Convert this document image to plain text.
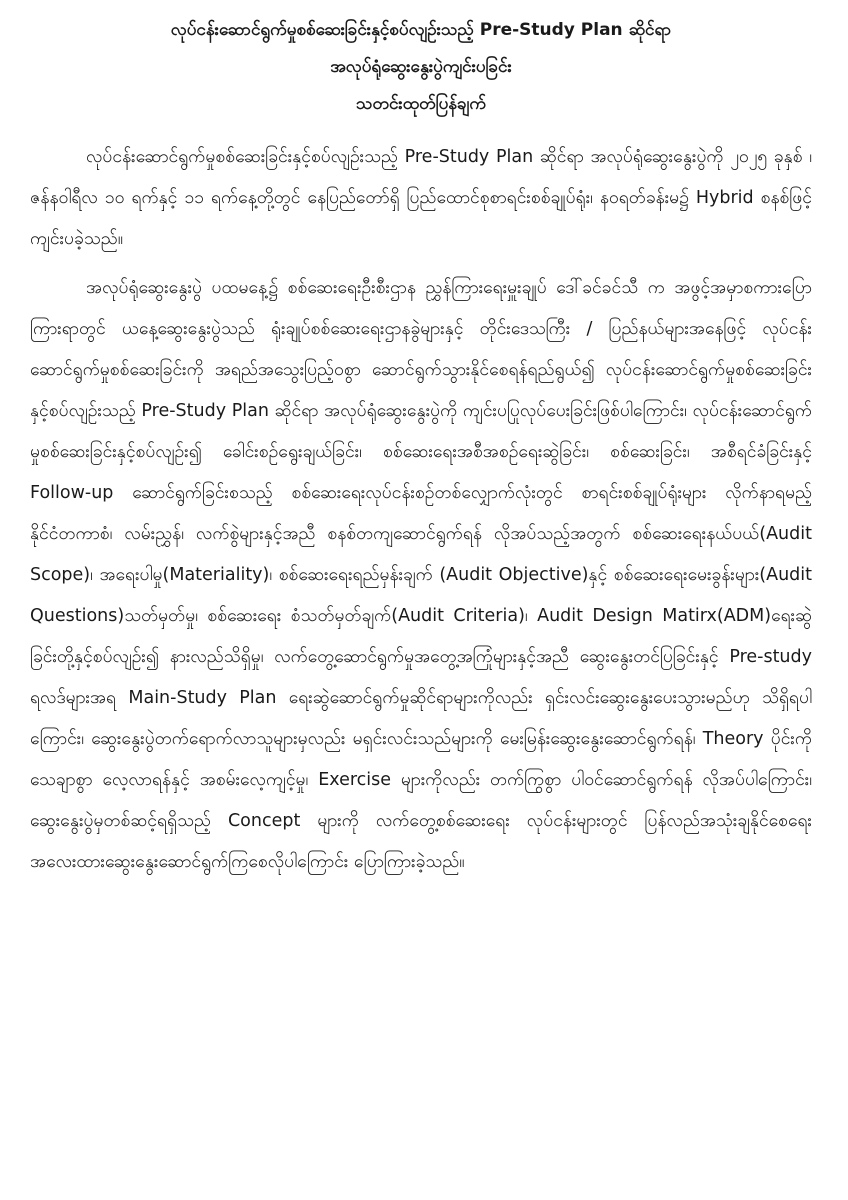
လုပ်ငန်းဆောင်ရွက်မှုစစ်ဆေးခြင်းနှင့်စပ်လျဉ်းသည့် Pre-Study Plan ဆိုင်ရာ
အလုပ်ရုံဆွေးနွေးပွဲကျင်းပခြင်း
သတင်းထုတ်ပြန်ချက်

လုပ်ငန်းဆောင်ရွက်မှုစစ်ဆေးခြင်းနှင့်စပ်လျဉ်းသည့် Pre-Study Plan ဆိုင်ရာ အလုပ်ရုံဆွေးနွေးပွဲကို ၂၀၂၅ ခုနှစ် ၊ ဇန်နဝါရီလ ၁၀ ရက်နှင့် ၁၁ ရက်နေ့တို့တွင် နေပြည်တော်ရှိ ပြည်ထောင်စုစာရင်းစစ်ချုပ်ရုံး၊ နဝရတ်ခန်းမ၌ Hybrid စနစ်ဖြင့် ကျင်းပခဲ့သည်။

အလုပ်ရုံဆွေးနွေးပွဲ ပထမနေ့၌ စစ်ဆေးရေးဦးစီးဌာန ညွှန်ကြားရေးမှူးချုပ် ဒေါ်ခင်ခင်သီ က အဖွင့်အမှာစကားပြောကြားရာတွင် ယနေ့ဆွေးနွေးပွဲသည် ရုံးချုပ်စစ်ဆေးရေးဌာနခွဲများနှင့် တိုင်းဒေသကြီး / ပြည်နယ်များအနေဖြင့် လုပ်ငန်းဆောင်ရွက်မှုစစ်ဆေးခြင်းကို အရည်အသွေးပြည့်ဝစွာ ဆောင်ရွက်သွားနိုင်စေရန်ရည်ရွယ်၍ လုပ်ငန်းဆောင်ရွက်မှုစစ်ဆေးခြင်းနှင့်စပ်လျဉ်းသည့် Pre-Study Plan ဆိုင်ရာ အလုပ်ရုံဆွေးနွေးပွဲကို ကျင်းပပြုလုပ်ပေးခြင်းဖြစ်ပါကြောင်း၊ လုပ်ငန်းဆောင်ရွက်မှုစစ်ဆေးခြင်းနှင့်စပ်လျဉ်း၍ ခေါင်းစဉ်ရွေးချယ်ခြင်း၊ စစ်ဆေးရေးအစီအစဉ်ရေးဆွဲခြင်း၊ စစ်ဆေးခြင်း၊ အစီရင်ခံခြင်းနှင့် Follow-up ဆောင်ရွက်ခြင်းစသည့် စစ်ဆေးရေးလုပ်ငန်းစဉ်တစ်လျှောက်လုံးတွင် စာရင်းစစ်ချုပ်ရုံးများ လိုက်နာရမည့် နိုင်ငံတကာစံ၊ လမ်းညွှန်၊ လက်စွဲများနှင့်အညီ စနစ်တကျဆောင်ရွက်ရန် လိုအပ်သည့်အတွက် စစ်ဆေးရေးနယ်ပယ်(Audit Scope)၊ အရေးပါမှု(Materiality)၊ စစ်ဆေးရေးရည်မှန်းချက် (Audit Objective)နှင့် စစ်ဆေးရေးမေးခွန်းများ(Audit Questions)သတ်မှတ်မှု၊ စစ်ဆေးရေး စံသတ်မှတ်ချက်(Audit Criteria)၊ Audit Design Matirx(ADM)ရေးဆွဲခြင်းတို့နှင့်စပ်လျဉ်း၍ နားလည်သိရှိမှု၊ လက်တွေ့ဆောင်ရွက်မှုအတွေ့အကြုံများနှင့်အညီ ဆွေးနွေးတင်ပြခြင်းနှင့် Pre-study ရလဒ်များအရ Main-Study Plan ရေးဆွဲဆောင်ရွက်မှုဆိုင်ရာများကိုလည်း ရှင်းလင်းဆွေးနွေးပေးသွားမည်ဟု သိရှိရပါကြောင်း၊ ဆွေးနွေးပွဲတက်ရောက်လာသူများမှလည်း မရှင်းလင်းသည်များကို မေးမြန်းဆွေးနွေးဆောင်ရွက်ရန်၊ Theory ပိုင်းကို သေချာစွာ လေ့လာရန်နှင့် အစမ်းလေ့ကျင့်မှု၊ Exercise များကိုလည်း တက်ကြွစွာ ပါဝင်ဆောင်ရွက်ရန် လိုအပ်ပါကြောင်း၊ ဆွေးနွေးပွဲမှတစ်ဆင့်ရရှိသည့် Concept များကို လက်တွေ့စစ်ဆေးရေး လုပ်ငန်းများတွင် ပြန်လည်အသုံးချနိုင်စေရေး အလေးထားဆွေးနွေးဆောင်ရွက်ကြစေလိုပါကြောင်း ပြောကြားခဲ့သည်။
